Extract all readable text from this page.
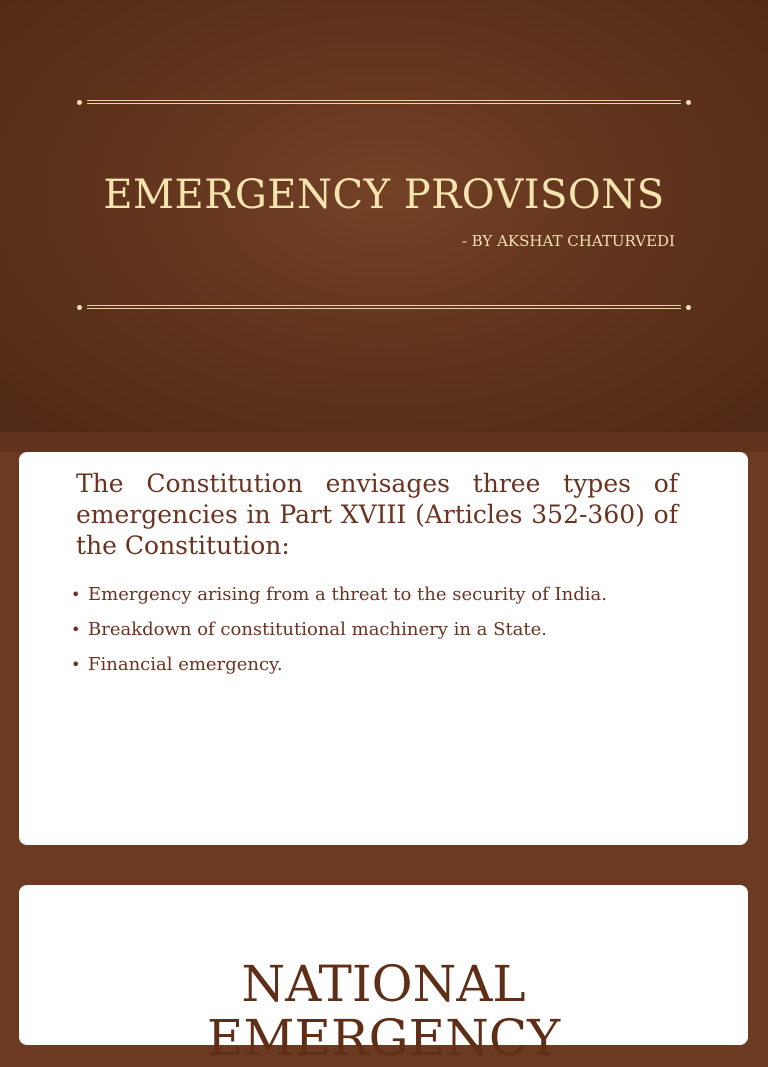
EMERGENCY PROVISONS

- BY AKSHAT CHATURVEDI

The Constitution envisages three types of emergencies in Part XVIII (Articles 352-360) of the Constitution:

• Emergency arising from a threat to the security of India.
• Breakdown of constitutional machinery in a State.
• Financial emergency.
NATIONAL
EMERGENCY
